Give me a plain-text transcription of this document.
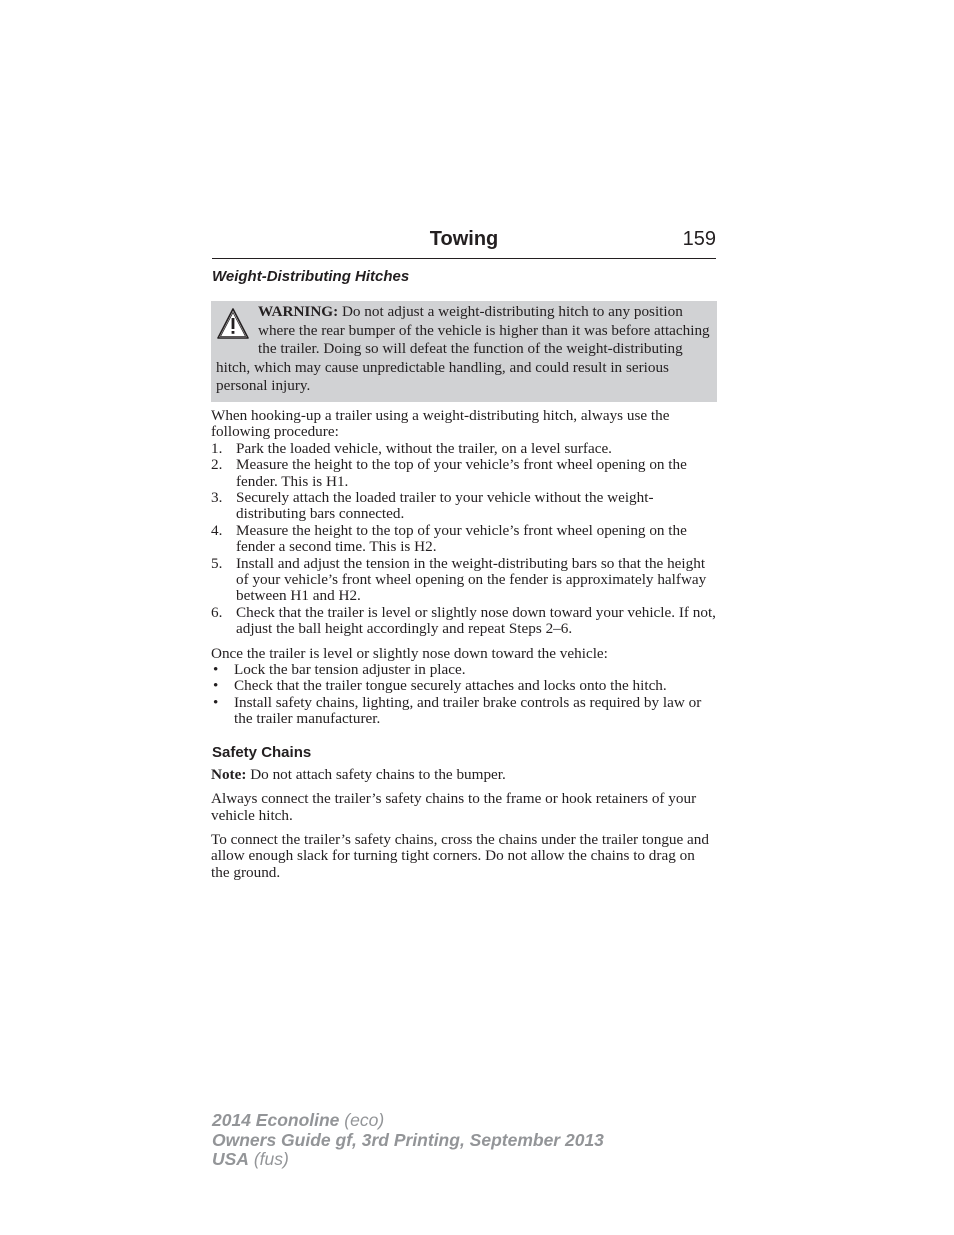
Towing	159
Weight-Distributing Hitches
WARNING: Do not adjust a weight-distributing hitch to any position where the rear bumper of the vehicle is higher than it was before attaching the trailer. Doing so will defeat the function of the weight-distributing hitch, which may cause unpredictable handling, and could result in serious personal injury.

When hooking-up a trailer using a weight-distributing hitch, always use the following procedure:

1. Park the loaded vehicle, without the trailer, on a level surface.
2. Measure the height to the top of your vehicle’s front wheel opening on the fender. This is H1.
3. Securely attach the loaded trailer to your vehicle without the weight-distributing bars connected.
4. Measure the height to the top of your vehicle’s front wheel opening on the fender a second time. This is H2.
5. Install and adjust the tension in the weight-distributing bars so that the height of your vehicle’s front wheel opening on the fender is approximately halfway between H1 and H2.
6. Check that the trailer is level or slightly nose down toward your vehicle. If not, adjust the ball height accordingly and repeat Steps 2–6.

Once the trailer is level or slightly nose down toward the vehicle:

• Lock the bar tension adjuster in place.
• Check that the trailer tongue securely attaches and locks onto the hitch.
• Install safety chains, lighting, and trailer brake controls as required by law or the trailer manufacturer.
Safety Chains

Note: Do not attach safety chains to the bumper.

Always connect the trailer’s safety chains to the frame or hook retainers of your vehicle hitch.

To connect the trailer’s safety chains, cross the chains under the trailer tongue and allow enough slack for turning tight corners. Do not allow the chains to drag on the ground.

2014 Econoline (eco)
Owners Guide gf, 3rd Printing, September 2013
USA (fus)
